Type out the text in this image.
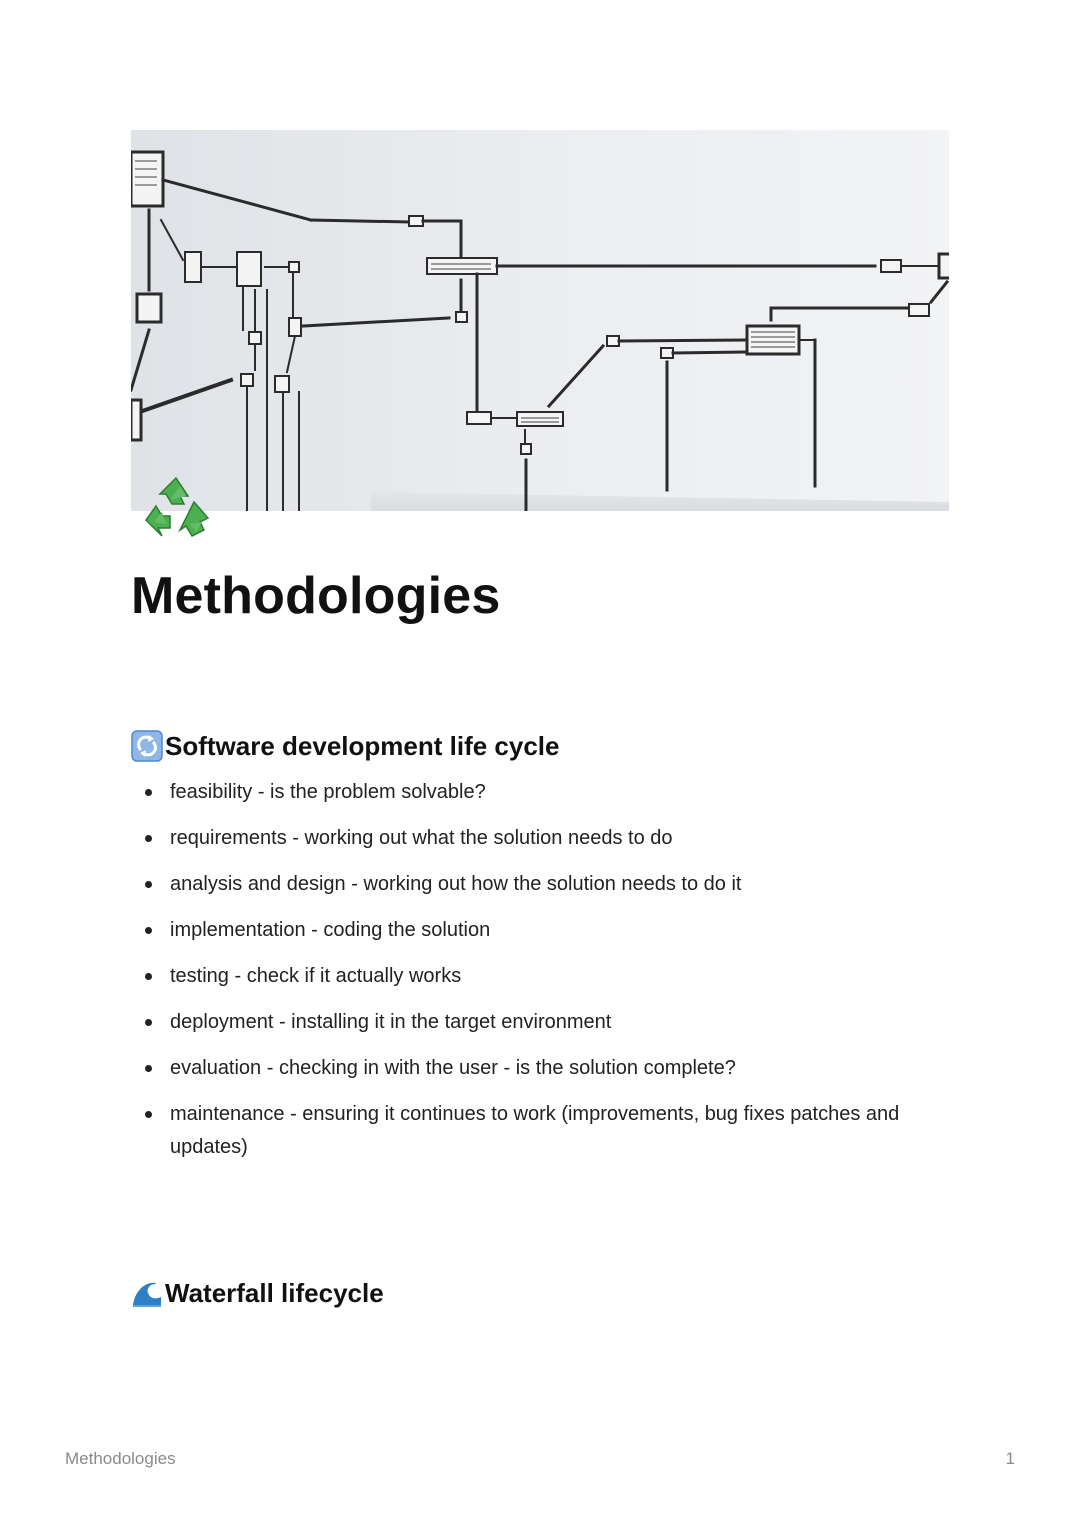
Methodologies
Software development life cycle
feasibility - is the problem solvable?
requirements - working out what the solution needs to do
analysis and design - working out how the solution needs to do it
implementation - coding the solution
testing - check if it actually works
deployment - installing it in the target environment
evaluation - checking in with the user - is the solution complete?
maintenance - ensuring it continues to work (improvements, bug fixes patches and updates)
Waterfall lifecycle
Methodologies	1
